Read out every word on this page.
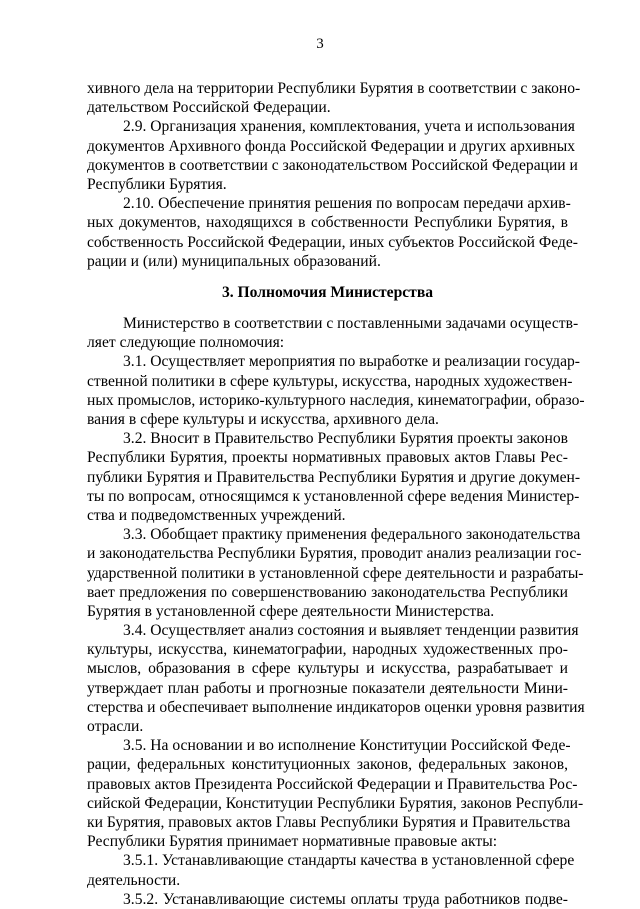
3
хивного дела на территории Республики Бурятия в соответствии с законо-
дательством Российской Федерации.
2.9. Организация хранения, комплектования, учета и использования
документов Архивного фонда Российской Федерации и других архивных
документов в соответствии с законодательством Российской Федерации и
Республики Бурятия.
2.10. Обеспечение принятия решения по вопросам передачи архив-
ных документов, находящихся в собственности Республики Бурятия, в
собственность Российской Федерации, иных субъектов Российской Феде-
рации и (или) муниципальных образований.
3. Полномочия Министерства
Министерство в соответствии с поставленными задачами осуществ-
ляет следующие полномочия:
3.1. Осуществляет мероприятия по выработке и реализации государ-
ственной политики в сфере культуры, искусства, народных художествен-
ных промыслов, историко-культурного наследия, кинематографии, образо-
вания в сфере культуры и искусства, архивного дела.
3.2. Вносит в Правительство Республики Бурятия проекты законов
Республики Бурятия, проекты нормативных правовых актов Главы Рес-
публики Бурятия и Правительства Республики Бурятия и другие докумен-
ты по вопросам, относящимся к установленной сфере ведения Министер-
ства и подведомственных учреждений.
3.3. Обобщает практику применения федерального законодательства
и законодательства Республики Бурятия, проводит анализ реализации гос-
ударственной политики в установленной сфере деятельности и разрабаты-
вает предложения по совершенствованию законодательства Республики
Бурятия в установленной сфере деятельности Министерства.
3.4. Осуществляет анализ состояния и выявляет тенденции развития
культуры, искусства, кинематографии, народных художественных про-
мыслов, образования в сфере культуры и искусства, разрабатывает и
утверждает план работы и прогнозные показатели деятельности Мини-
стерства и обеспечивает выполнение индикаторов оценки уровня развития
отрасли.
3.5. На основании и во исполнение Конституции Российской Феде-
рации, федеральных конституционных законов, федеральных законов,
правовых актов Президента Российской Федерации и Правительства Рос-
сийской Федерации, Конституции Республики Бурятия, законов Республи-
ки Бурятия, правовых актов Главы Республики Бурятия и Правительства
Республики Бурятия принимает нормативные правовые акты:
3.5.1. Устанавливающие стандарты качества в установленной сфере
деятельности.
3.5.2. Устанавливающие системы оплаты труда работников подве-
